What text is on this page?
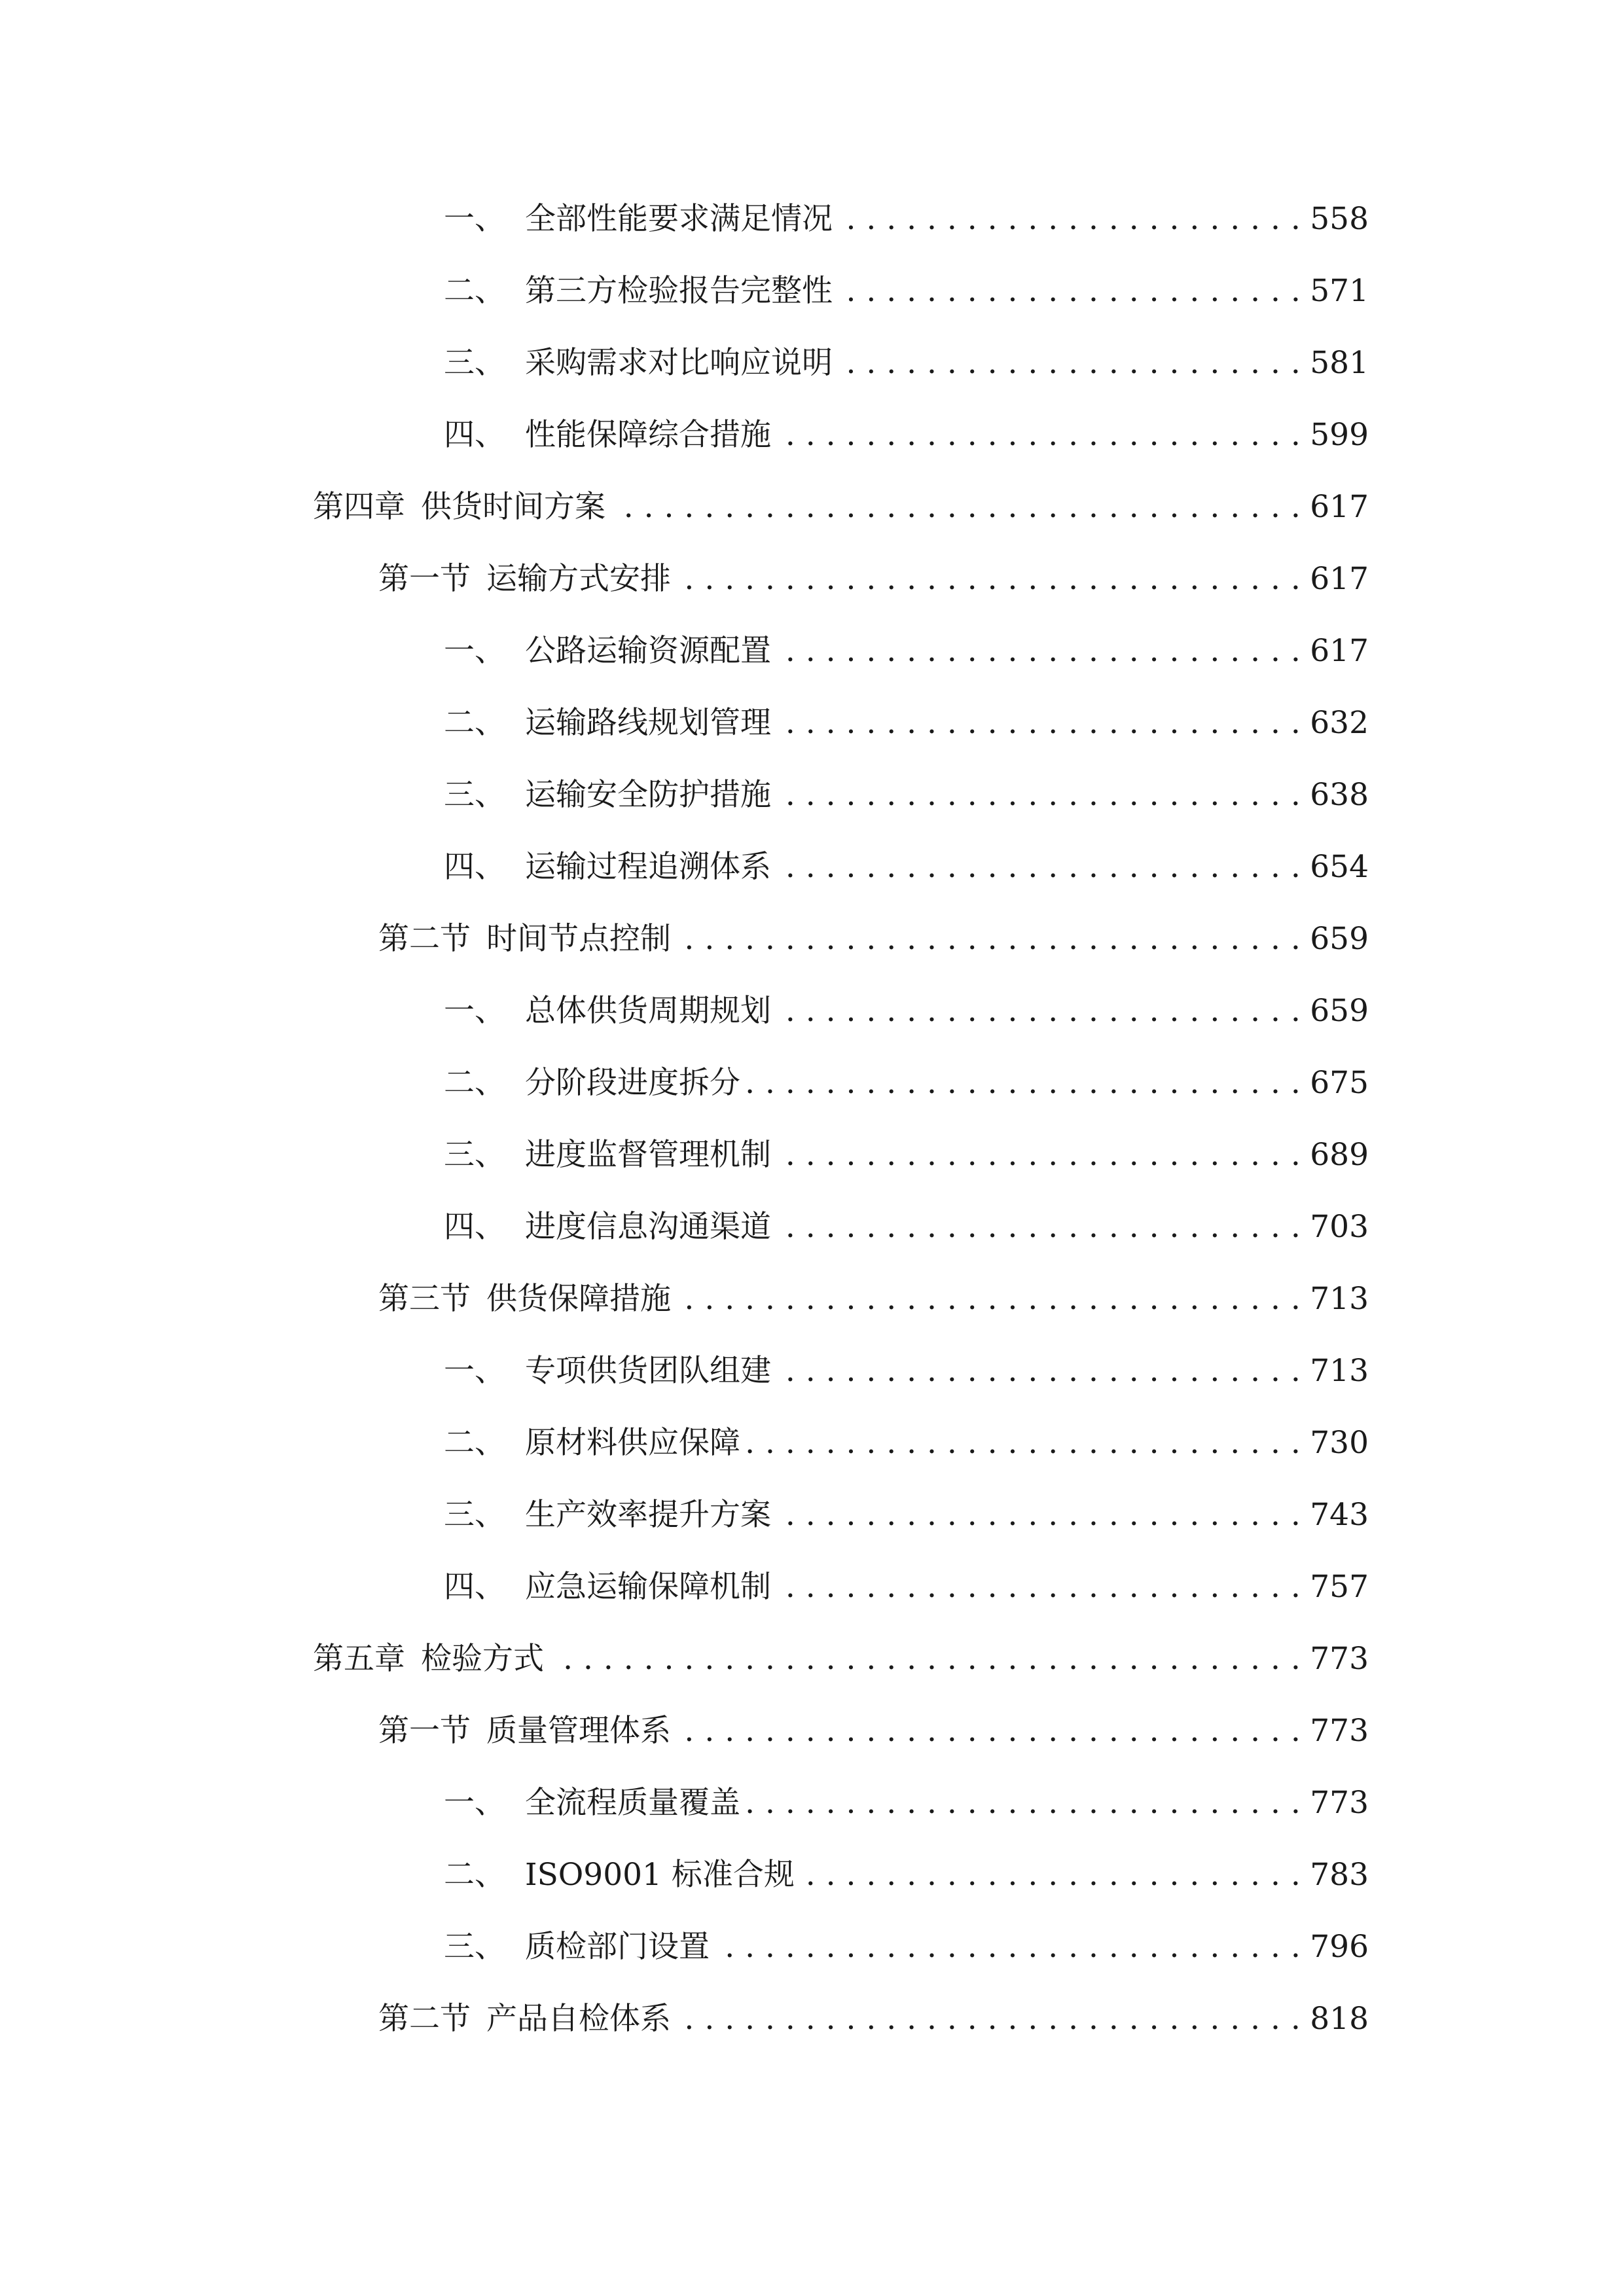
一、 全部性能要求满足情况 . . .	558
二、 第三方检验报告完整性 . . .	571
三、 采购需求对比响应说明 . . .	581
四、 性能保障综合措施 . . .	599
第四章 供货时间方案 . . .	617
第一节 运输方式安排 . . .	617
一、 公路运输资源配置 . . .	617
二、 运输路线规划管理 . . .	632
三、 运输安全防护措施 . . .	638
四、 运输过程追溯体系 . . .	654
第二节 时间节点控制 . . .	659
一、 总体供货周期规划 . . .	659
二、 分阶段进度拆分 . . .	675
三、 进度监督管理机制 . . .	689
四、 进度信息沟通渠道 . . .	703
第三节 供货保障措施 . . .	713
一、 专项供货团队组建 . . .	713
二、 原材料供应保障 . . .	730
三、 生产效率提升方案 . . .	743
四、 应急运输保障机制 . . .	757
第五章 检验方式 . . .	773
第一节 质量管理体系 . . .	773
一、 全流程质量覆盖 . . .	773
二、 ISO9001 标准合规 . . .	783
三、 质检部门设置 . . .	796
第二节 产品自检体系 . . .	818
